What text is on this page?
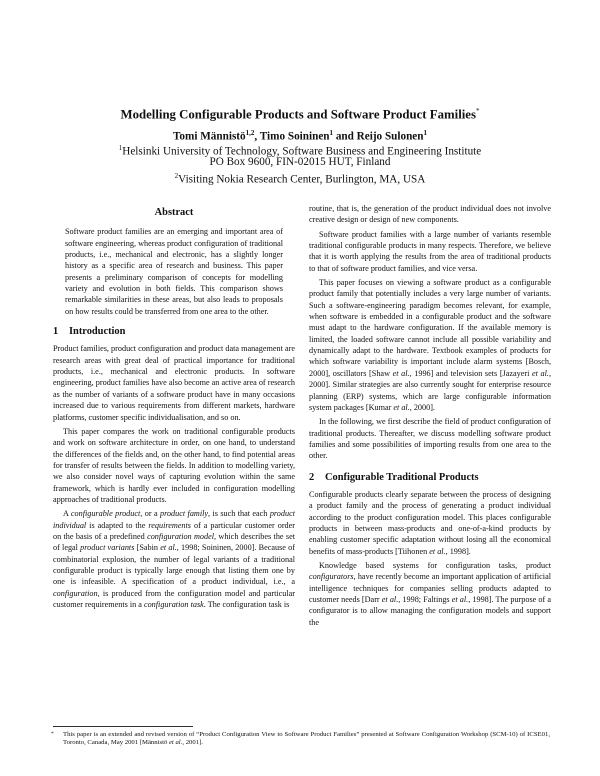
Modelling Configurable Products and Software Product Families*
Tomi Männistö$^{1,2}$, Timo Soininen$^1$ and Reijo Sulonen$^1$
$^1$Helsinki University of Technology, Software Business and Engineering Institute
PO Box 9600, FIN-02015 HUT, Finland
$^2$Visiting Nokia Research Center, Burlington, MA, USA
Abstract

Software product families are an emerging and important area of software engineering, whereas product configuration of traditional products, i.e., mechanical and electronic, has a slightly longer history as a specific area of research and business. This paper presents a preliminary comparison of concepts for modelling variety and evolution in both fields. This comparison shows remarkable similarities in these areas, but also leads to proposals on how results could be transferred from one area to the other.

1 Introduction

Product families, product configuration and product data management are research areas with great deal of practical importance for traditional products, i.e., mechanical and electronic products. In software engineering, product families have also become an active area of research as the number of variants of a software product have in many occasions increased due to various requirements from different markets, hardware platforms, customer specific individualisation, and so on.

This paper compares the work on traditional configurable products and work on software architecture in order, on one hand, to understand the differences of the fields and, on the other hand, to find potential areas for transfer of results between the fields. In addition to modelling variety, we also consider novel ways of capturing evolution within the same framework, which is hardly ever included in configuration modelling approaches of traditional products.

A configurable product, or a product family, is such that each product individual is adapted to the requirements of a particular customer order on the basis of a predefined configuration model, which describes the set of legal product variants [Sabin et al., 1998; Soininen, 2000]. Because of combinatorial explosion, the number of legal variants of a traditional configurable product is typically large enough that listing them one by one is infeasible. A specification of a product individual, i.e., a configuration, is produced from the configuration model and particular customer requirements in a configuration task. The configuration task is

routine, that is, the generation of the product individual does not involve creative design or design of new components.

Software product families with a large number of variants resemble traditional configurable products in many respects. Therefore, we believe that it is worth applying the results from the area of traditional products to that of software product families, and vice versa.

This paper focuses on viewing a software product as a configurable product family that potentially includes a very large number of variants. Such a software-engineering paradigm becomes relevant, for example, when software is embedded in a configurable product and the software must adapt to the hardware configuration. If the available memory is limited, the loaded software cannot include all possible variability and dynamically adapt to the hardware. Textbook examples of products for which software variability is important include alarm systems [Bosch, 2000], oscillators [Shaw et al., 1996] and television sets [Jazayeri et al., 2000]. Similar strategies are also currently sought for enterprise resource planning (ERP) systems, which are large configurable information system packages [Kumar et al., 2000].

In the following, we first describe the field of product configuration of traditional products. Thereafter, we discuss modelling software product families and some possibilities of importing results from one area to the other.

2 Configurable Traditional Products

Configurable products clearly separate between the process of designing a product family and the process of generating a product individual according to the product configuration model. This places configurable products in between mass-products and one-of-a-kind products by enabling customer specific adaptation without losing all the economical benefits of mass-products [Tiihonen et al., 1998].

Knowledge based systems for configuration tasks, product configurators, have recently become an important application of artificial intelligence techniques for companies selling products adapted to customer needs [Darr et al., 1998; Faltings et al., 1998]. The purpose of a configurator is to allow managing the configuration models and support the

*	This paper is an extended and revised version of “Product Configuration View to Software Product Families” presented at Software Configuration Workshop (SCM-10) of ICSE01, Toronto, Canada, May 2001 [Männistö et al., 2001].
